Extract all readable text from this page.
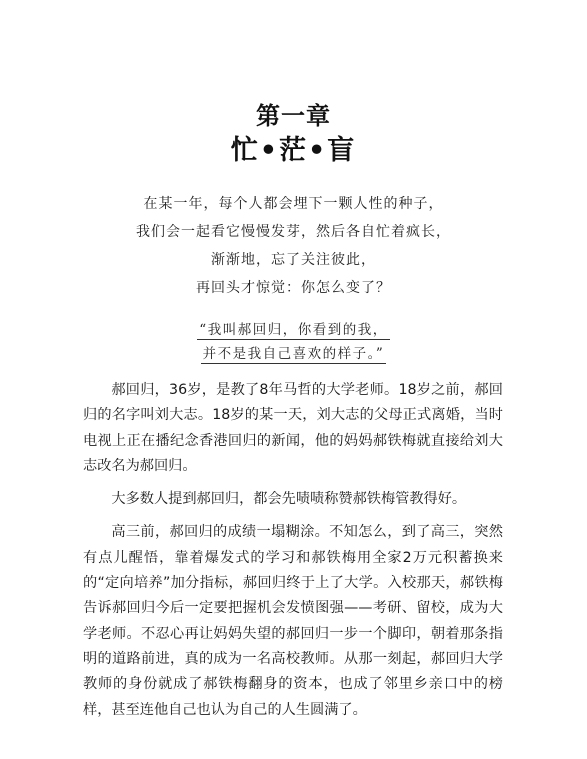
第一章
忙•茫•盲
在某一年，每个人都会埋下一颗人性的种子，
我们会一起看它慢慢发芽，然后各自忙着疯长，
渐渐地，忘了关注彼此，
再回头才惊觉：你怎么变了？
“我叫郝回归，你看到的我，
并不是我自己喜欢的样子。”

郝回归，36岁，是教了8年马哲的大学老师。18岁之前，郝回归的名字叫刘大志。18岁的某一天，刘大志的父母正式离婚，当时电视上正在播纪念香港回归的新闻，他的妈妈郝铁梅就直接给刘大志改名为郝回归。

大多数人提到郝回归，都会先啧啧称赞郝铁梅管教得好。

高三前，郝回归的成绩一塌糊涂。不知怎么，到了高三，突然有点儿醒悟，靠着爆发式的学习和郝铁梅用全家2万元积蓄换来的“定向培养”加分指标，郝回归终于上了大学。入校那天，郝铁梅告诉郝回归今后一定要把握机会发愤图强——考研、留校，成为大学老师。不忍心再让妈妈失望的郝回归一步一个脚印，朝着那条指明的道路前进，真的成为一名高校教师。从那一刻起，郝回归大学教师的身份就成了郝铁梅翻身的资本，也成了邻里乡亲口中的榜样，甚至连他自己也认为自己的人生圆满了。
